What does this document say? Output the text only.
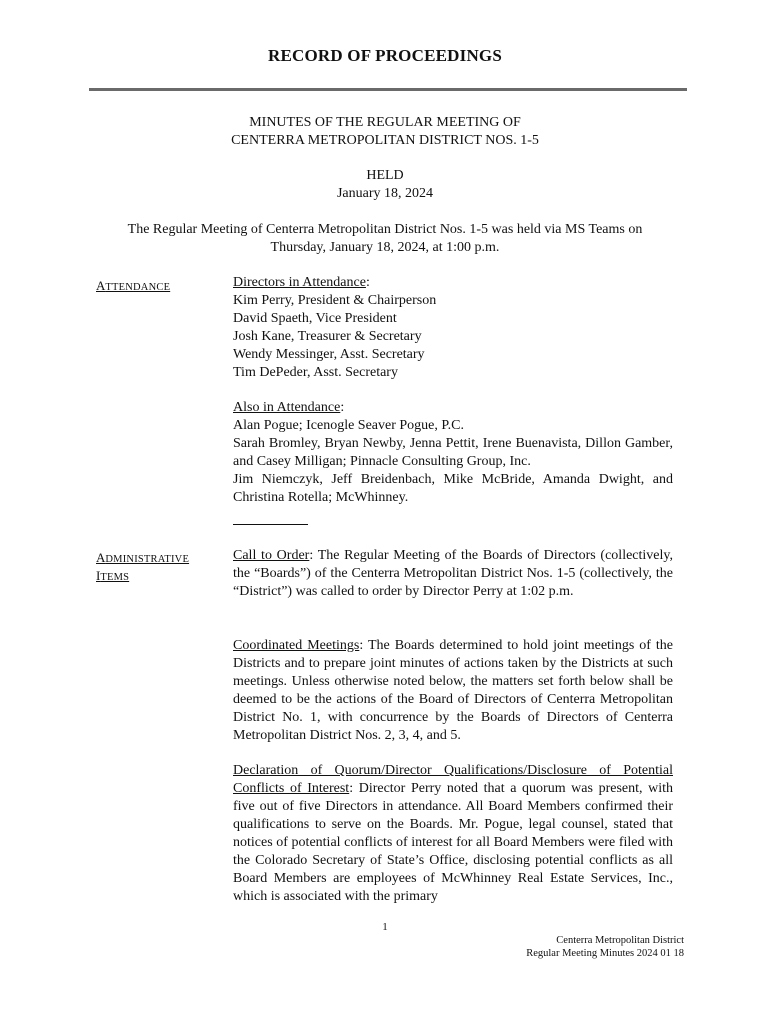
RECORD OF PROCEEDINGS
MINUTES OF THE REGULAR MEETING OF
CENTERRA METROPOLITAN DISTRICT NOS. 1-5
HELD
January 18, 2024
The Regular Meeting of Centerra Metropolitan District Nos. 1-5 was held via MS Teams on
Thursday, January 18, 2024, at 1:00 p.m.
ATTENDANCE	Directors in Attendance:
Kim Perry, President & Chairperson
David Spaeth, Vice President
Josh Kane, Treasurer & Secretary
Wendy Messinger, Asst. Secretary
Tim DePeder, Asst. Secretary
Also in Attendance:
Alan Pogue; Icenogle Seaver Pogue, P.C.
Sarah Bromley, Bryan Newby, Jenna Pettit, Irene Buenavista, Dillon Gamber, and Casey Milligan; Pinnacle Consulting Group, Inc.
Jim Niemczyk, Jeff Breidenbach, Mike McBride, Amanda Dwight, and Christina Rotella; McWhinney.
ADMINISTRATIVE
ITEMS
Call to Order: The Regular Meeting of the Boards of Directors (collectively, the “Boards”) of the Centerra Metropolitan District Nos. 1-5 (collectively, the “District”) was called to order by Director Perry at 1:02 p.m.
Coordinated Meetings: The Boards determined to hold joint meetings of the Districts and to prepare joint minutes of actions taken by the Districts at such meetings. Unless otherwise noted below, the matters set forth below shall be deemed to be the actions of the Board of Directors of Centerra Metropolitan District No. 1, with concurrence by the Boards of Directors of Centerra Metropolitan District Nos. 2, 3, 4, and 5.
Declaration of Quorum/Director Qualifications/Disclosure of Potential Conflicts of Interest: Director Perry noted that a quorum was present, with five out of five Directors in attendance. All Board Members confirmed their qualifications to serve on the Boards. Mr. Pogue, legal counsel, stated that notices of potential conflicts of interest for all Board Members were filed with the Colorado Secretary of State’s Office, disclosing potential conflicts as all Board Members are employees of McWhinney Real Estate Services, Inc., which is associated with the primary
1
Centerra Metropolitan District
Regular Meeting Minutes 2024 01 18
